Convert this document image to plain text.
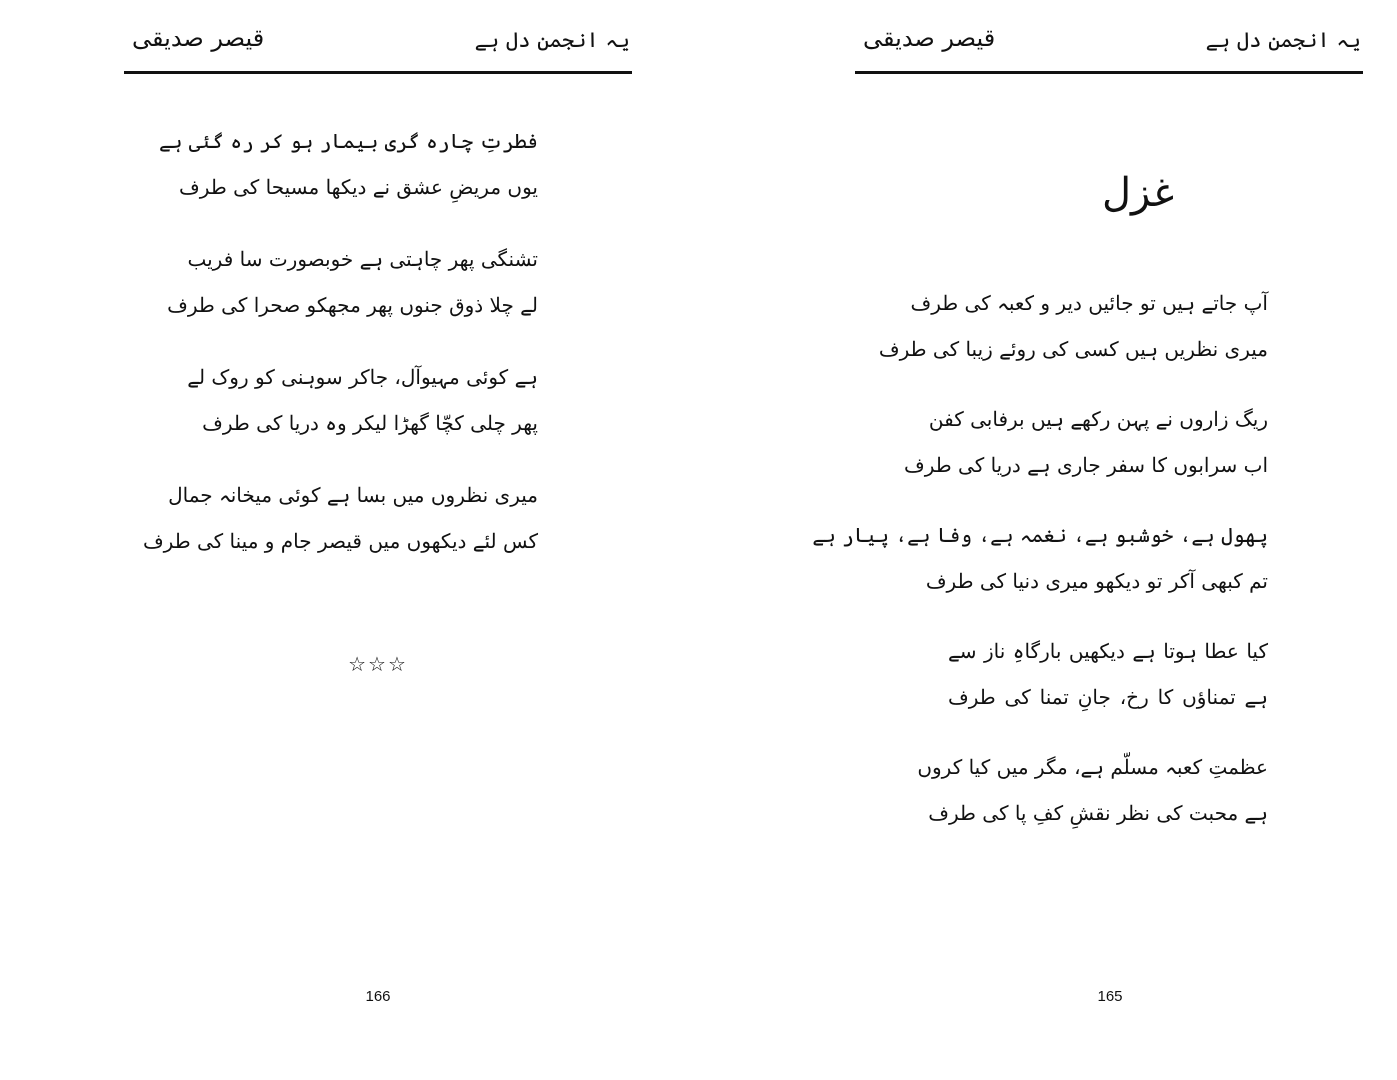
قیصر صدیقی	یہ انجمن دل ہے
فطرتِ چارہ گری بیمار ہو کر رہ گئی ہے
یوں مریضِ عشق نے دیکھا مسیحا کی طرف
تشنگی پھر چاہتی ہے خوبصورت سا فریب
لے چلا ذوق جنوں پھر مجھکو صحرا کی طرف
ہے کوئی مہیوآل، جاکر سوہنی کو روک لے
پھر چلی کچّا گھڑا لیکر وہ دریا کی طرف
میری نظروں میں بسا ہے کوئی میخانہ جمال
کس لئے دیکھوں میں قیصر جام و مینا کی طرف
☆☆☆
166
قیصر صدیقی	یہ انجمن دل ہے
غزل
آپ جاتے ہیں تو جائیں دیر و کعبہ کی طرف
میری نظریں ہیں کسی کی روئے زیبا کی طرف
ریگ زاروں نے پہن رکھے ہیں برفابی کفن
اب سرابوں کا سفر جاری ہے دریا کی طرف
پھول ہے، خوشبو ہے، نغمہ ہے، وفا ہے، پیار ہے
تم کبھی آکر تو دیکھو میری دنیا کی طرف
کیا عطا ہوتا ہے دیکھیں بارگاہِ ناز سے
ہے تمناؤں کا رخ، جانِ تمنا کی طرف
عظمتِ کعبہ مسلّم ہے، مگر میں کیا کروں
ہے محبت کی نظر نقشِ کفِ پا کی طرف
165
